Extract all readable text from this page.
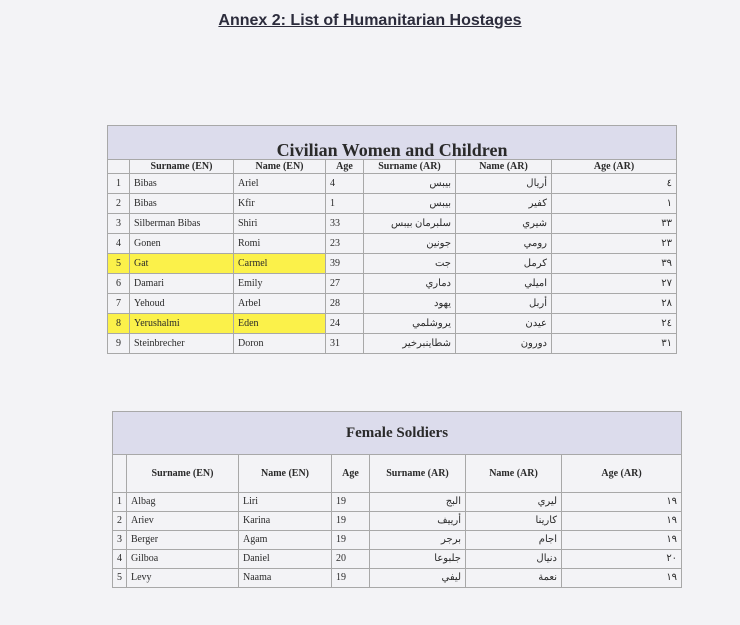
Annex 2: List of Humanitarian Hostages
Civilian Women and Children						
	Surname (EN)	Name (EN)	Age	Surname (AR)	Name (AR)	Age (AR)
1	Bibas	Ariel	4	بيبس	أريال	٤
2	Bibas	Kfir	1	بيبس	كفير	١
3	Silberman Bibas	Shiri	33	سلبرمان بيبس	شيري	٣٣
4	Gonen	Romi	23	جونين	رومي	٢٣
5	Gat	Carmel	39	جت	كرمل	٣٩
6	Damari	Emily	27	دماري	اميلي	٢٧
7	Yehoud	Arbel	28	يهود	أربل	٢٨
8	Yerushalmi	Eden	24	يروشلمي	عيدن	٢٤
9	Steinbrecher	Doron	31	شطاينبرخير	دورون	٣١
Female Soldiers						
	Surname (EN)	Name (EN)	Age	Surname (AR)	Name (AR)	Age (AR)
1	Albag	Liri	19	البج	ليري	١٩
2	Ariev	Karina	19	أرييف	كارينا	١٩
3	Berger	Agam	19	برجر	اجام	١٩
4	Gilboa	Daniel	20	جلبوعا	دنيال	٢٠
5	Levy	Naama	19	ليفي	نعمة	١٩
